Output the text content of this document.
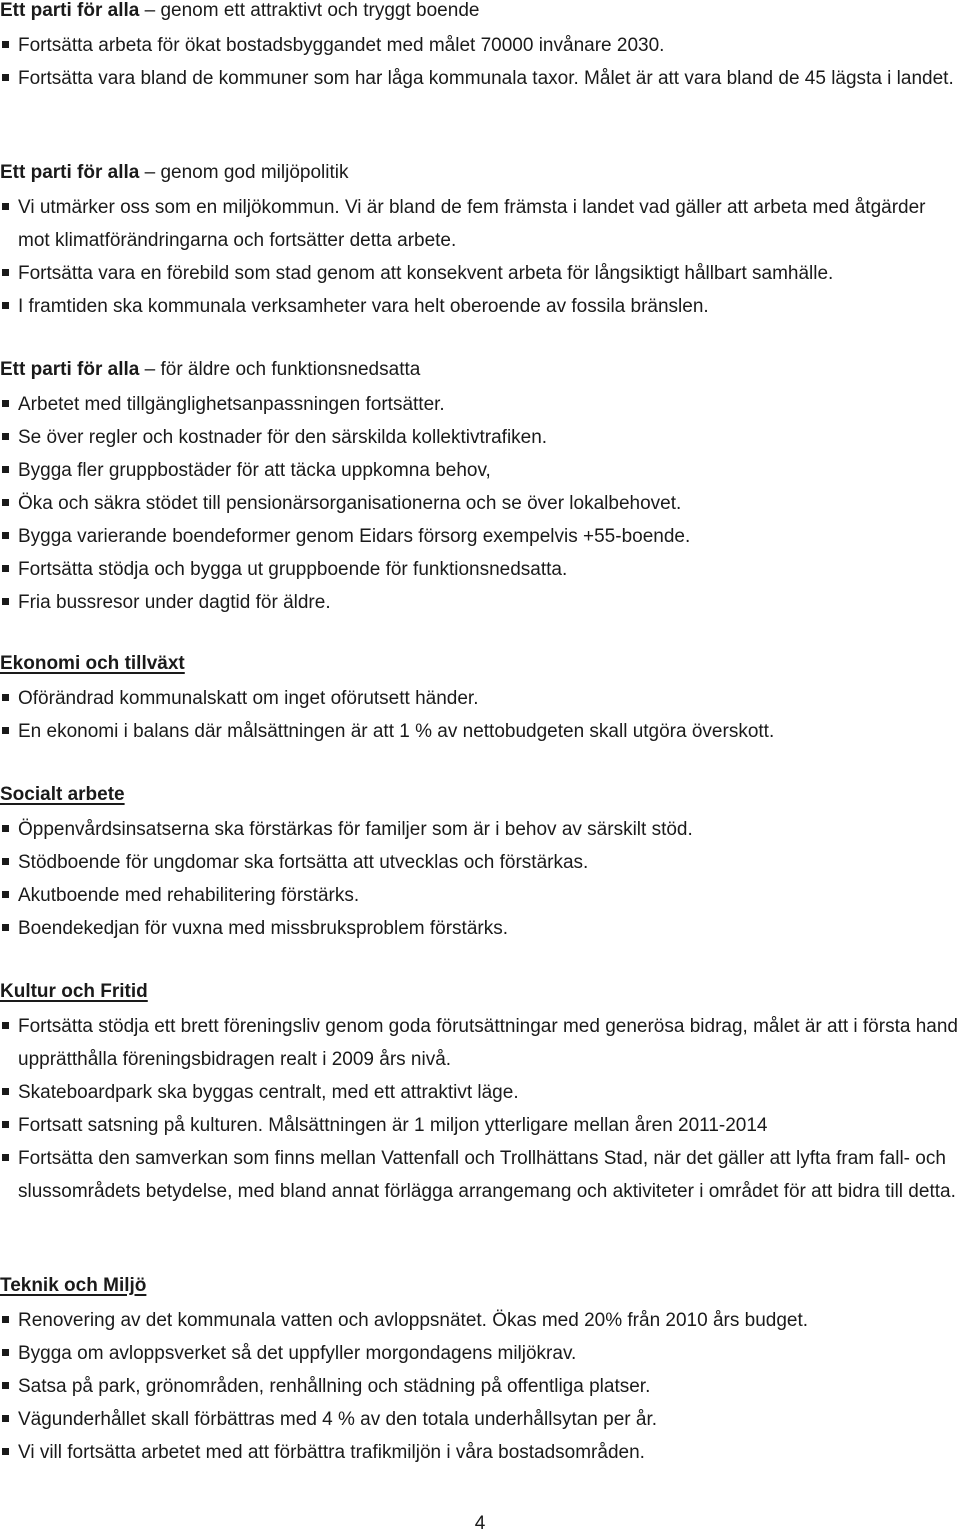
Ett parti för alla – genom ett attraktivt och tryggt boende
Fortsätta arbeta för ökat bostadsbyggandet med målet 70000 invånare 2030.
Fortsätta vara bland de kommuner som har låga kommunala taxor. Målet är att vara bland de 45 lägsta i landet.
Ett parti för alla – genom god miljöpolitik
Vi utmärker oss som en miljökommun. Vi är bland de fem främsta i landet vad gäller att arbeta med åtgärder mot klimatförändringarna och fortsätter detta arbete.
Fortsätta vara en förebild som stad genom att konsekvent arbeta för långsiktigt hållbart samhälle.
I framtiden ska kommunala verksamheter vara helt oberoende av fossila bränslen.
Ett parti för alla – för äldre och funktionsnedsatta
Arbetet med tillgänglighetsanpassningen fortsätter.
Se över regler och kostnader för den särskilda kollektivtrafiken.
Bygga fler gruppbostäder för att täcka uppkomna behov,
Öka och säkra stödet till pensionärsorganisationerna och se över lokalbehovet.
Bygga varierande boendeformer genom Eidars försorg exempelvis +55-boende.
Fortsätta stödja och bygga ut gruppboende för funktionsnedsatta.
Fria bussresor under dagtid för äldre.
Ekonomi och tillväxt
Oförändrad kommunalskatt om inget oförutsett händer.
En ekonomi i balans där målsättningen är att 1 % av nettobudgeten skall utgöra överskott.
Socialt arbete
Öppenvårdsinsatserna ska förstärkas för familjer som är i behov av särskilt stöd.
Stödboende för ungdomar ska fortsätta att utvecklas och förstärkas.
Akutboende med rehabilitering förstärks.
Boendekedjan för vuxna med missbruksproblem förstärks.
Kultur och Fritid
Fortsätta stödja ett brett föreningsliv genom goda förutsättningar med generösa bidrag, målet är att i första hand upprätthålla föreningsbidragen realt i 2009 års nivå.
Skateboardpark ska byggas centralt, med ett attraktivt läge.
Fortsatt satsning på kulturen. Målsättningen är 1 miljon ytterligare mellan åren 2011-2014
Fortsätta den samverkan som finns mellan Vattenfall och Trollhättans Stad, när det gäller att lyfta fram fall- och slussområdets betydelse, med bland annat förlägga arrangemang och aktiviteter i området för att bidra till detta.
Teknik och Miljö
Renovering av det kommunala vatten och avloppsnätet. Ökas med 20% från 2010 års budget.
Bygga om avloppsverket så det uppfyller morgondagens miljökrav.
Satsa på park, grönområden, renhållning och städning på offentliga platser.
Vägunderhållet skall förbättras med 4 % av den totala underhållsytan per år.
Vi vill fortsätta arbetet med att förbättra trafikmiljön i våra bostadsområden.
4
